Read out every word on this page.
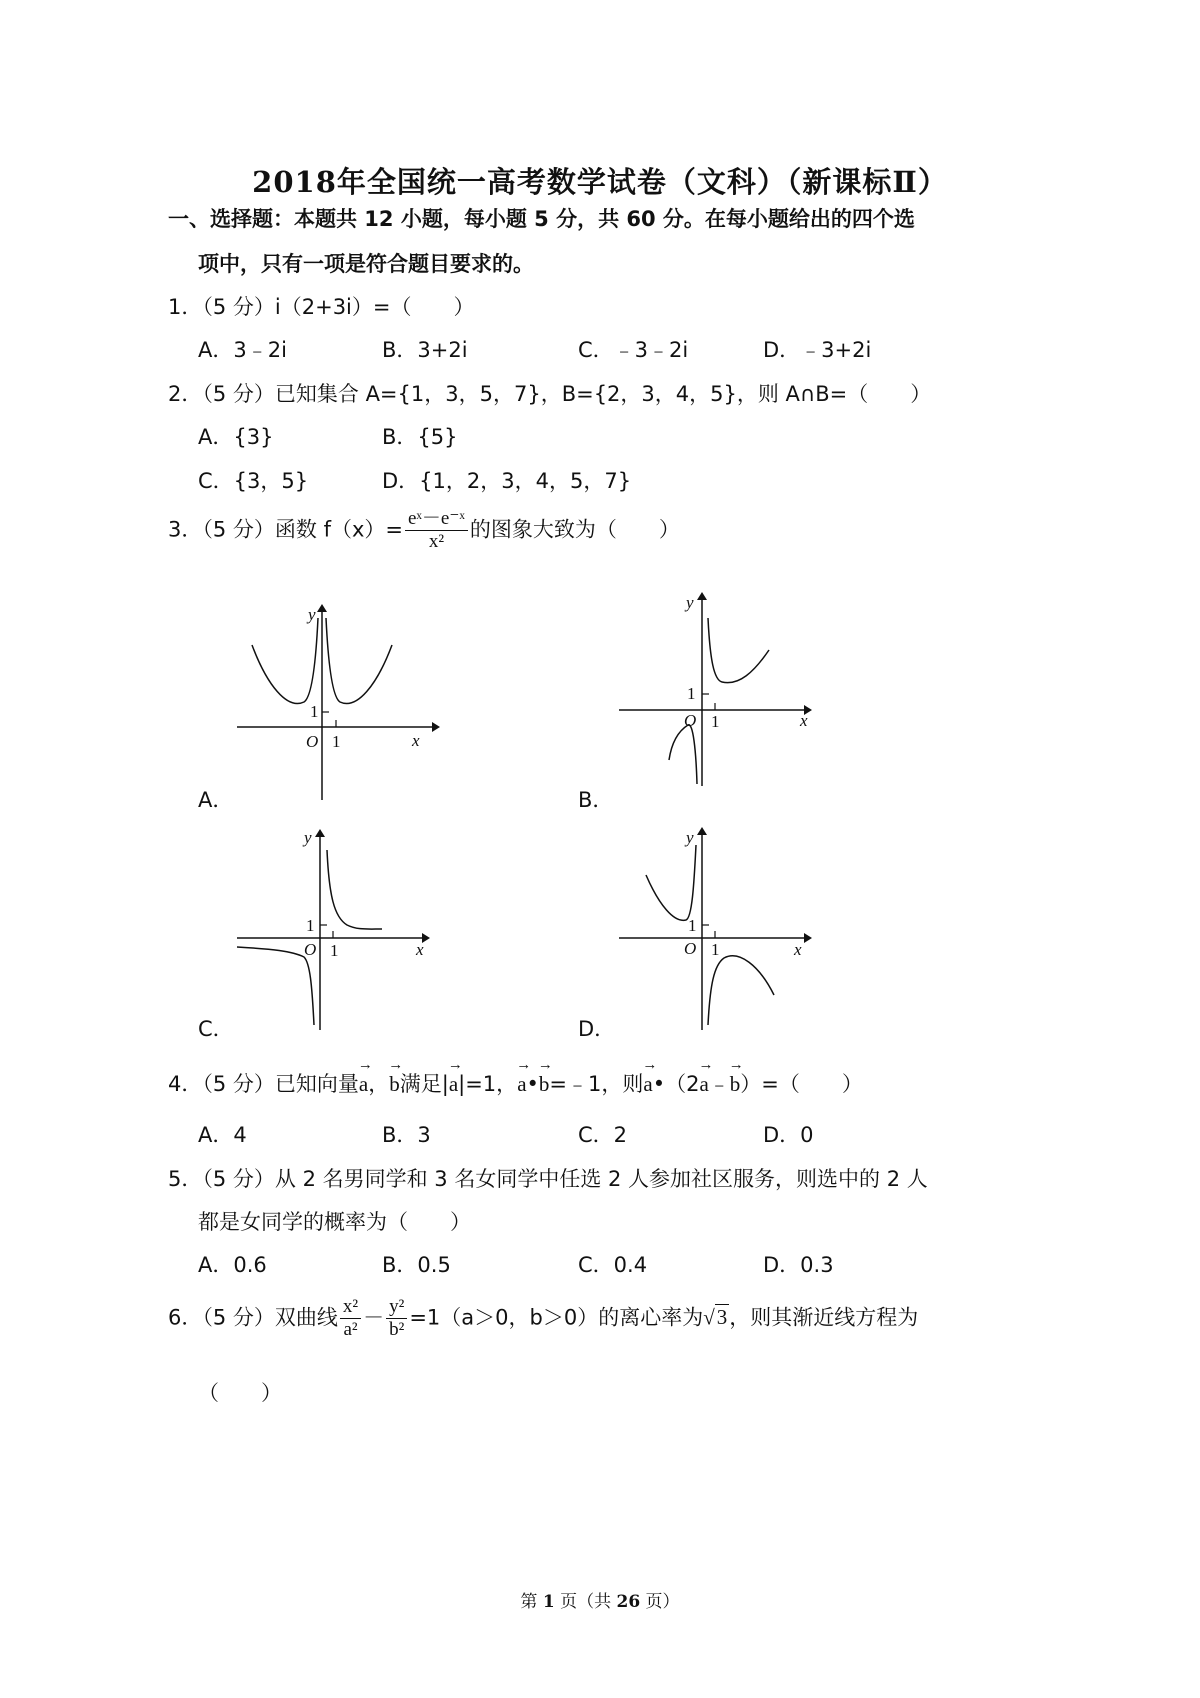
2018年全国统一高考数学试卷（文科）（新课标Ⅱ）
一、选择题：本题共 12 小题，每小题 5 分，共 60 分。在每小题给出的四个选
项中，只有一项是符合题目要求的。
1．（5 分）i（2+3i）=（　　）
A．3﹣2i	B．3+2i	C．﹣3﹣2i	D．﹣3+2i
2．（5 分）已知集合 A={1，3，5，7}，B={2，3，4，5}，则 A∩B=（　　）
A．{3}	B．{5}
C．{3，5}	D．{1，2，3，4，5，7}
3．（5 分）函数 $f(x)= \frac{\text{eˣ－e⁻ˣ}}{\text{x²}}$ 的图象大致为（　　）
y
x
O
1
1
y
x
O
1
1
A．	B．
y
x
O
1
1
y
x
O
1
1
C．	D．
4．（5 分）已知向量→ a，→ b满足|→ a|=1，→ a•→ b=﹣1，则→ a•（2→ a﹣→ b）=（　　）
A．4	B．3	C．2	D．0
5．（5 分）从 2 名男同学和 3 名女同学中任选 2 人参加社区服务，则选中的 2 人
都是女同学的概率为（　　）
A．0.6	B．0.5	C．0.4	D．0.3
6．（5 分）双曲线 $\frac{\text{x²}}{\text{a²}} - \frac{\text{y²}}{\text{b²}} =1(a>0$，b＞0）的离心率为√3，则其渐近线方程为
（　　）
第 1 页（共 26 页）
